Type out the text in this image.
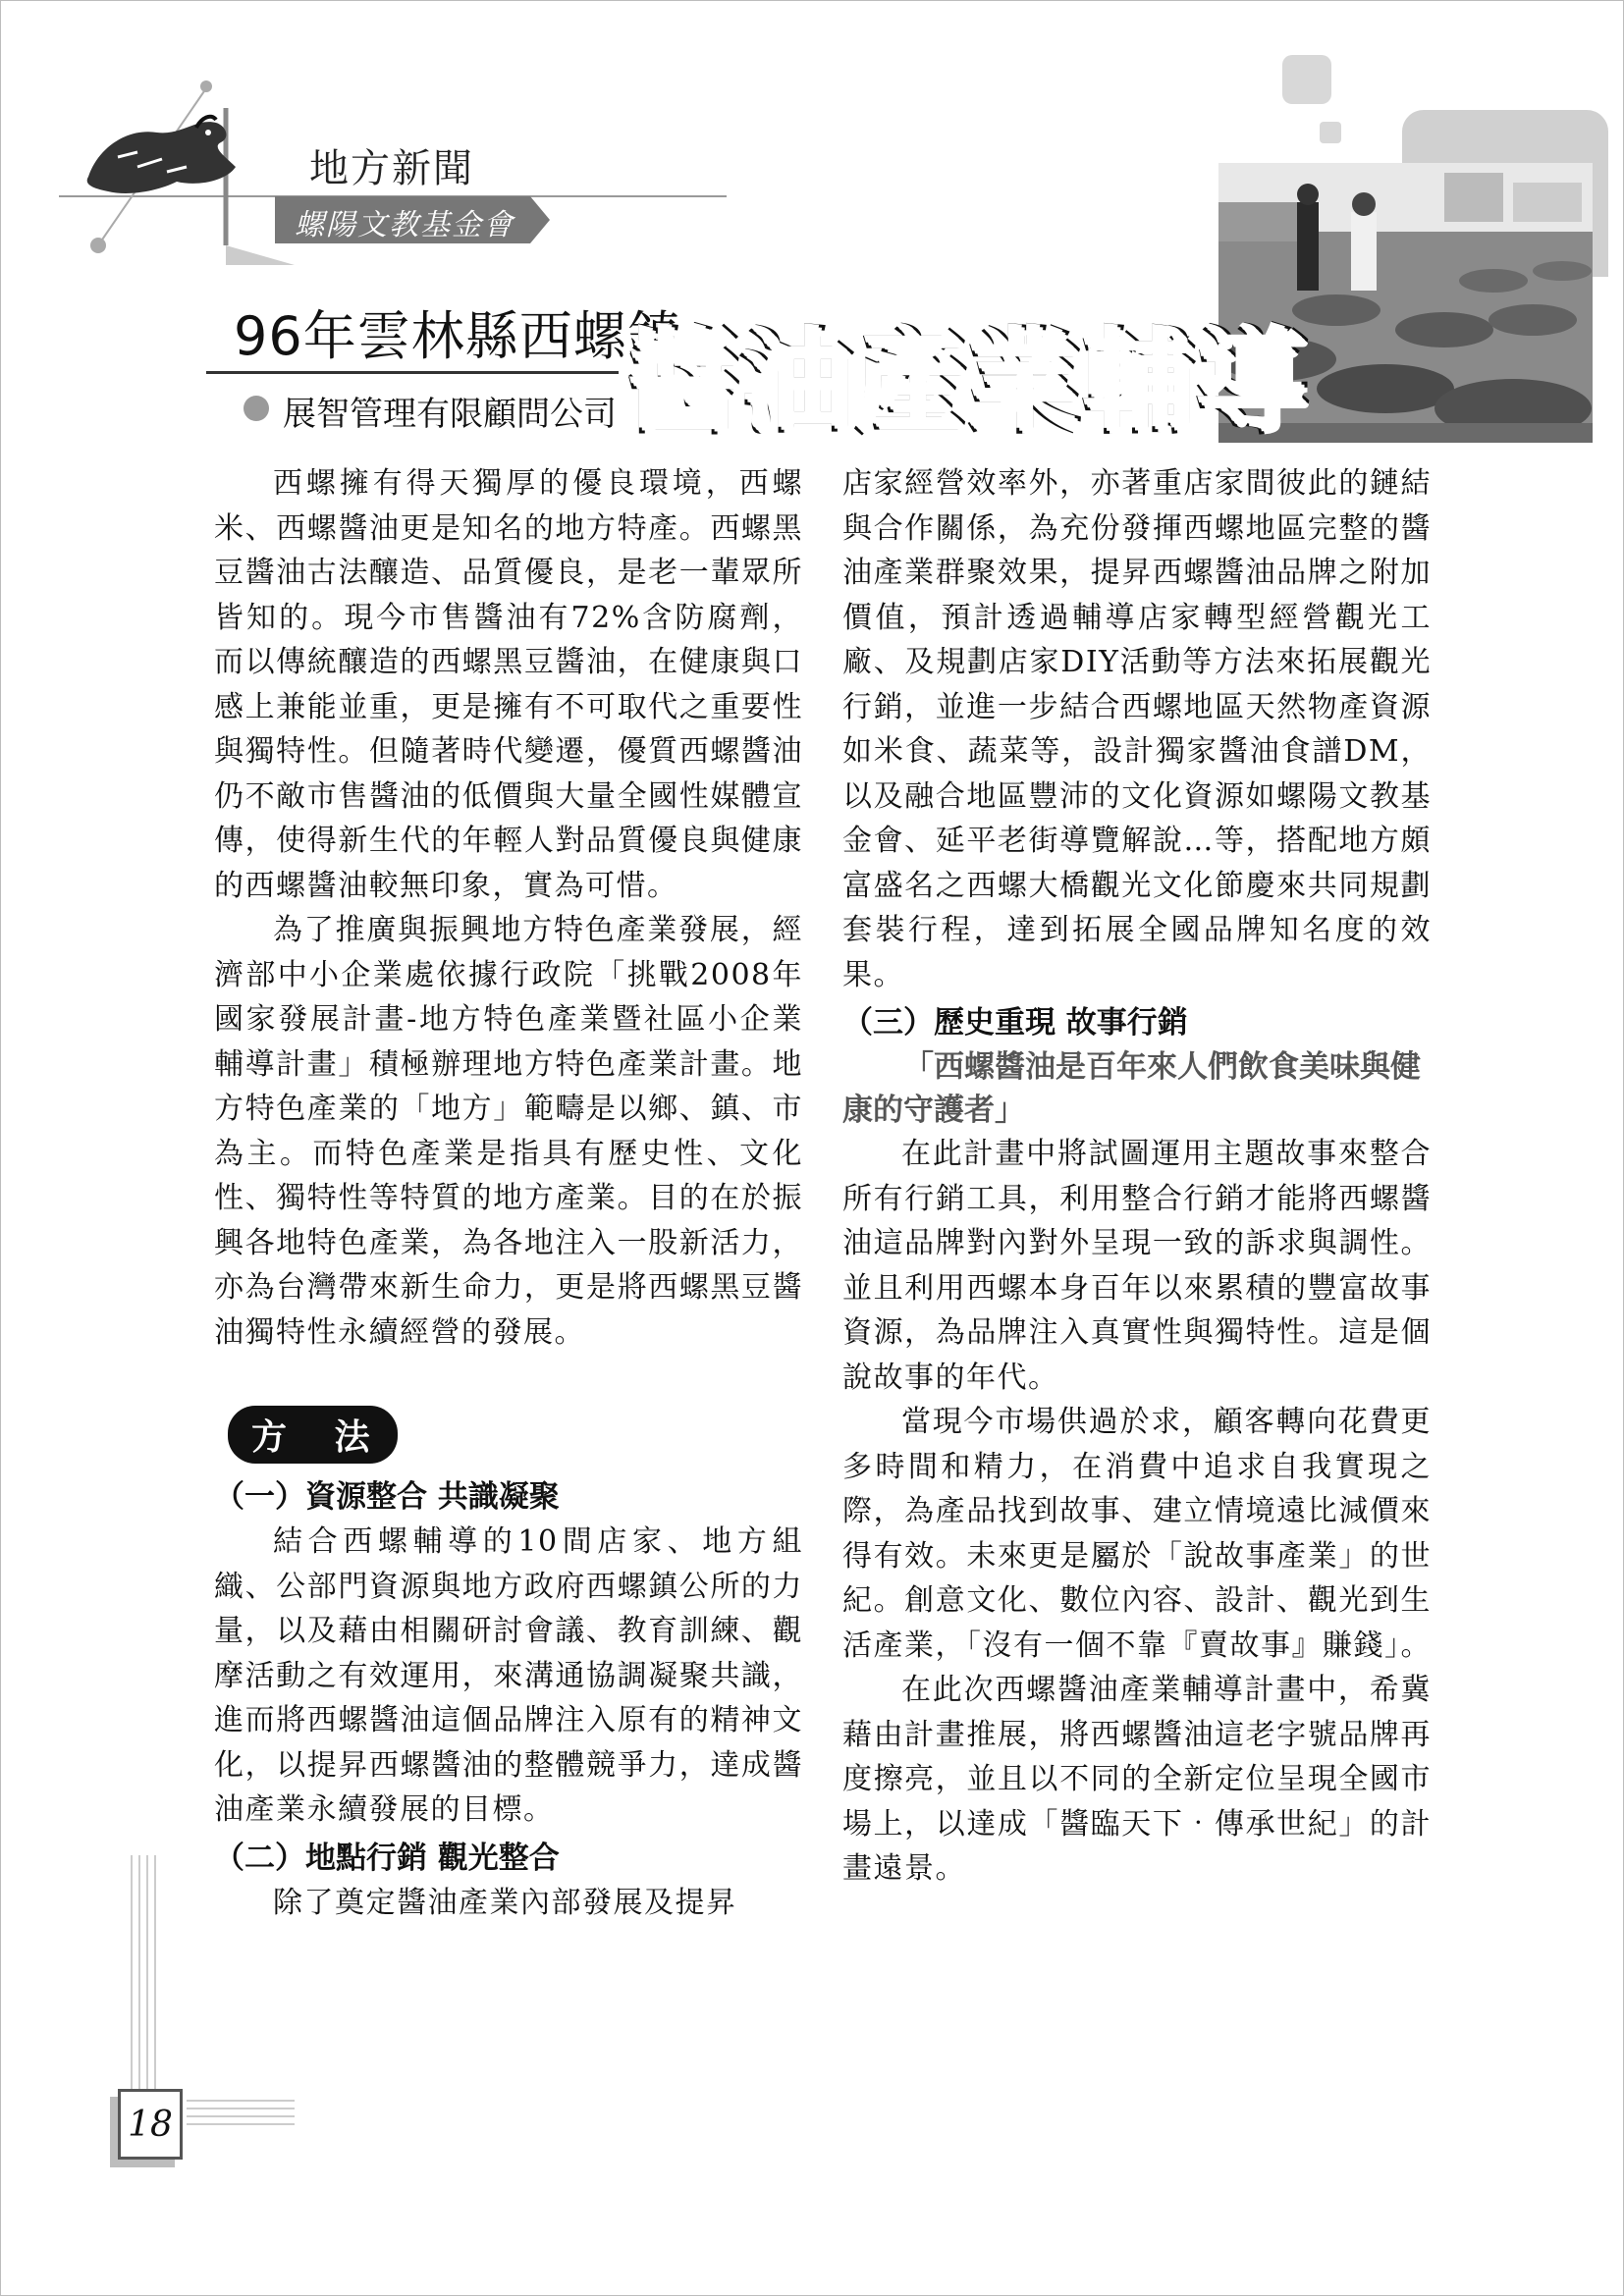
地方新聞
螺陽文教基金會
96年雲林縣西螺鎮
展智管理有限顧問公司 醬油產業輔導

西螺擁有得天獨厚的優良環境，西螺米、西螺醬油更是知名的地方特產。西螺黑豆醬油古法釀造、品質優良，是老一輩眾所皆知的。現今市售醬油有72%含防腐劑，而以傳統釀造的西螺黑豆醬油，在健康與口感上兼能並重，更是擁有不可取代之重要性與獨特性。但隨著時代變遷，優質西螺醬油仍不敵市售醬油的低價與大量全國性媒體宣傳，使得新生代的年輕人對品質優良與健康的西螺醬油較無印象，實為可惜。

為了推廣與振興地方特色產業發展，經濟部中小企業處依據行政院「挑戰2008年國家發展計畫-地方特色產業暨社區小企業輔導計畫」積極辦理地方特色產業計畫。地方特色產業的「地方」範疇是以鄉、鎮、市為主。而特色產業是指具有歷史性、文化性、獨特性等特質的地方產業。目的在於振興各地特色產業，為各地注入一股新活力，亦為台灣帶來新生命力，更是將西螺黑豆醬油獨特性永續經營的發展。

方 法
（一）資源整合 共識凝聚

結合西螺輔導的10間店家、地方組織、公部門資源與地方政府西螺鎮公所的力量，以及藉由相關研討會議、教育訓練、觀摩活動之有效運用，來溝通協調凝聚共識，進而將西螺醬油這個品牌注入原有的精神文化，以提昇西螺醬油的整體競爭力，達成醬油產業永續發展的目標。

（二）地點行銷 觀光整合

除了奠定醬油產業內部發展及提昇

店家經營效率外，亦著重店家間彼此的鏈結與合作關係，為充份發揮西螺地區完整的醬油產業群聚效果，提昇西螺醬油品牌之附加價值，預計透過輔導店家轉型經營觀光工廠、及規劃店家DIY活動等方法來拓展觀光行銷，並進一步結合西螺地區天然物產資源如米食、蔬菜等，設計獨家醬油食譜DM，以及融合地區豐沛的文化資源如螺陽文教基金會、延平老街導覽解說…等，搭配地方頗富盛名之西螺大橋觀光文化節慶來共同規劃套裝行程，達到拓展全國品牌知名度的效果。

（三）歷史重現 故事行銷

「西螺醬油是百年來人們飲食美味與健康的守護者」

在此計畫中將試圖運用主題故事來整合所有行銷工具，利用整合行銷才能將西螺醬油這品牌對內對外呈現一致的訴求與調性。並且利用西螺本身百年以來累積的豐富故事資源，為品牌注入真實性與獨特性。這是個說故事的年代。

當現今市場供過於求，顧客轉向花費更多時間和精力，在消費中追求自我實現之際，為產品找到故事、建立情境遠比減價來得有效。未來更是屬於「說故事產業」的世紀。創意文化、數位內容、設計、觀光到生活產業，「沒有一個不靠『賣故事』賺錢」。

在此次西螺醬油產業輔導計畫中，希冀藉由計畫推展，將西螺醬油這老字號品牌再度擦亮，並且以不同的全新定位呈現全國市場上，以達成「醬臨天下‧傳承世紀」的計畫遠景。

18
